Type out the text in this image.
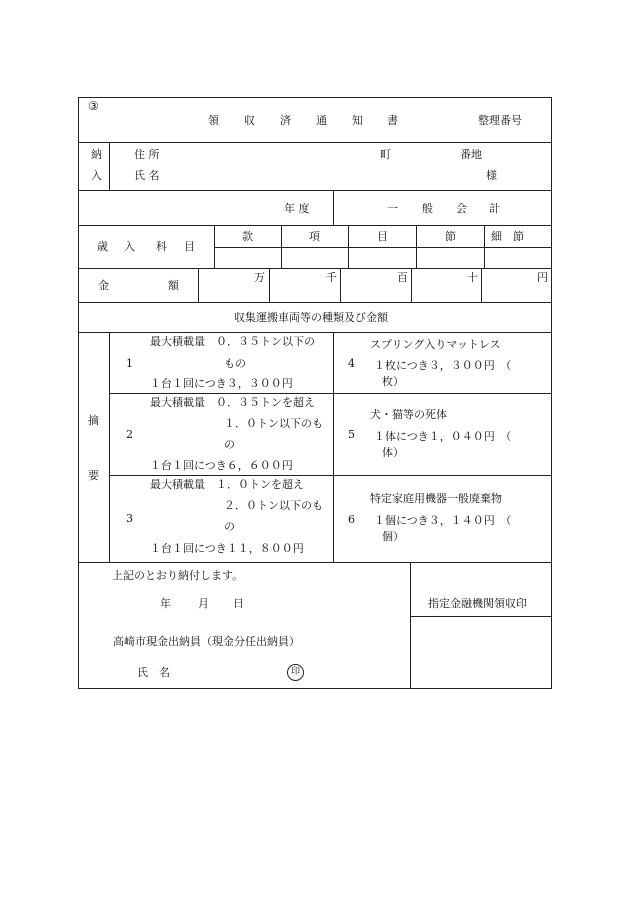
③
領 収 済 通 知 書	整理番号
納
入
住 所	町	番地
氏 名	様
年 度	一 般 会 計
歳 入 科 目
款	項	目	節	細　節
金	額
万	千	百	十	円
収集運搬車両等の種類及び金額
摘
要
1
最大積載量　０．３５トン以下の
もの
１台１回につき３，３００円
2
最大積載量　０．３５トンを超え
１．０トン以下のも
の
１台１回につき６，６００円
3
最大積載量　１．０トンを超え
２．０トン以下のも
の
１台１回につき１１，８００円
4
スプリング入りマットレス
１枚につき３，３００円　（
枚）
5
犬・猫等の死体
１体につき１，０４０円　（
体）
6
特定家庭用機器一般廃棄物
１個につき３，１４０円　（
個）
上記のとおり納付します。
年 月 日
高崎市現金出納員（現金分任出納員）
氏　名	印
指定金融機関領収印
